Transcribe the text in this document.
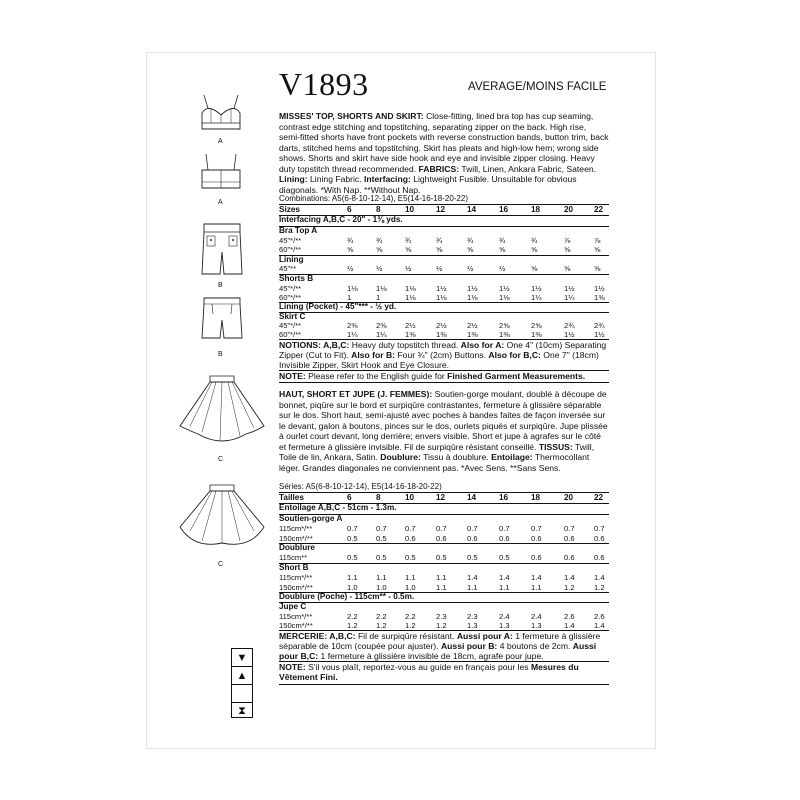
V1893	AVERAGE/MOINS FACILE
A
A
B
B
C
C
MISSES' TOP, SHORTS AND SKIRT: Close-fitting, lined bra top has cup seaming, contrast edge stitching and topstitching, separating zipper on the back. High rise, semi-fitted shorts have front pockets with reverse construction bands, button trim, back darts, stitched hems and topstitching. Skirt has pleats and high-low hem; wrong side shows. Shorts and skirt have side hook and eye and invisible zipper closing. Heavy duty topstitch thread recommended. FABRICS: Twill, Linen, Ankara Fabric, Sateen. Lining: Lining Fabric. Interfacing: Lightweight Fusible. Unsuitable for obvious diagonals. *With Nap. **Without Nap.
Combinations: A5(6-8-10-12-14), E5(14-16-18-20-22)
Sizes	6	8	10	12	14	16	18	20	22
Interfacing A,B,C - 20" - 1⅜ yds.
Bra Top A
45"*/**	¾	¾	¾	¾	¾	¾	¾	⅞	⅞
60"*/**	⅝	⅝	⅝	⅝	⅝	⅝	⅝	⅝	⅝
Lining
45"**	½	½	½	½	½	½	⅝	⅝	⅝
Shorts B
45"*/**	1⅛	1⅛	1⅛	1½	1½	1½	1½	1½	1½
60"*/**	1	1	1⅛	1⅛	1⅛	1⅛	1¼	1¼	1⅜
Lining (Pocket) - 45"*** - ½ yd.
Skirt C
45"*/**	2⅜	2⅜	2½	2½	2½	2⅝	2⅝	2¾	2¾
60"*/**	1¼	1¼	1⅜	1⅜	1⅜	1⅜	1⅜	1½	1½
NOTIONS: A,B,C: Heavy duty topstitch thread. Also for A: One 4" (10cm) Separating Zipper (Cut to Fit). Also for B: Four ¾" (2cm) Buttons. Also for B,C: One 7" (18cm) Invisible Zipper, Skirt Hook and Eye Closure.
NOTE: Please refer to the English guide for Finished Garment Measurements.
HAUT, SHORT ET JUPE (J. FEMMES): Soutien-gorge moulant, doublé à découpe de bonnet, piqûre sur le bord et surpiqûre contrastantes, fermeture à glissière séparable sur le dos. Short haut, semi-ajusté avec poches à bandes faites de façon inversée sur le devant, galon à boutons, pinces sur le dos, ourlets piqués et surpiqûre. Jupe plissée à ourlet court devant, long derrière; envers visible. Short et jupe à agrafes sur le côté et fermeture à glissière invisible. Fil de surpiqûre résistant conseillé. TISSUS: Twill, Toile de lin, Ankara, Satin. Doublure: Tissu à doublure. Entoilage: Thermocollant léger. Grandes diagonales ne conviennent pas. *Avec Sens. **Sans Sens.
Séries: A5(6-8-10-12-14), E5(14-16-18-20-22)
Tailles	6	8	10	12	14	16	18	20	22
Entoilage A,B,C - 51cm - 1.3m.
Soutien-gorge A
115cm*/**	0.7	0.7	0.7	0.7	0.7	0.7	0.7	0.7	0.7
150cm*/**	0.5	0.5	0.6	0.6	0.6	0.6	0.6	0.6	0.6
Doublure
115cm**	0.5	0.5	0.5	0.5	0.5	0.5	0.6	0.6	0.6
Short B
115cm*/**	1.1	1.1	1.1	1.1	1.4	1.4	1.4	1.4	1.4
150cm*/**	1.0	1.0	1.0	1.1	1.1	1.1	1.1	1.2	1.2
Doublure (Poche) - 115cm** - 0.5m.
Jupe C
115cm*/**	2.2	2.2	2.2	2.3	2.3	2.4	2.4	2.6	2.6
150cm*/**	1.2	1.2	1.2	1.2	1.3	1.3	1.3	1.4	1.4
MERCERIE: A,B,C: Fil de surpiqûre résistant. Aussi pour A: 1 fermeture à glissière séparable de 10cm (coupée pour ajuster). Aussi pour B: 4 boutons de 2cm. Aussi pour B,C: 1 fermeture à glissière invisible de 18cm, agrafe pour jupe.
NOTE: S'il vous plaît, reportez-vous au guide en français pour les Mesures du Vêtement Fini.
▼
▲
⧗
